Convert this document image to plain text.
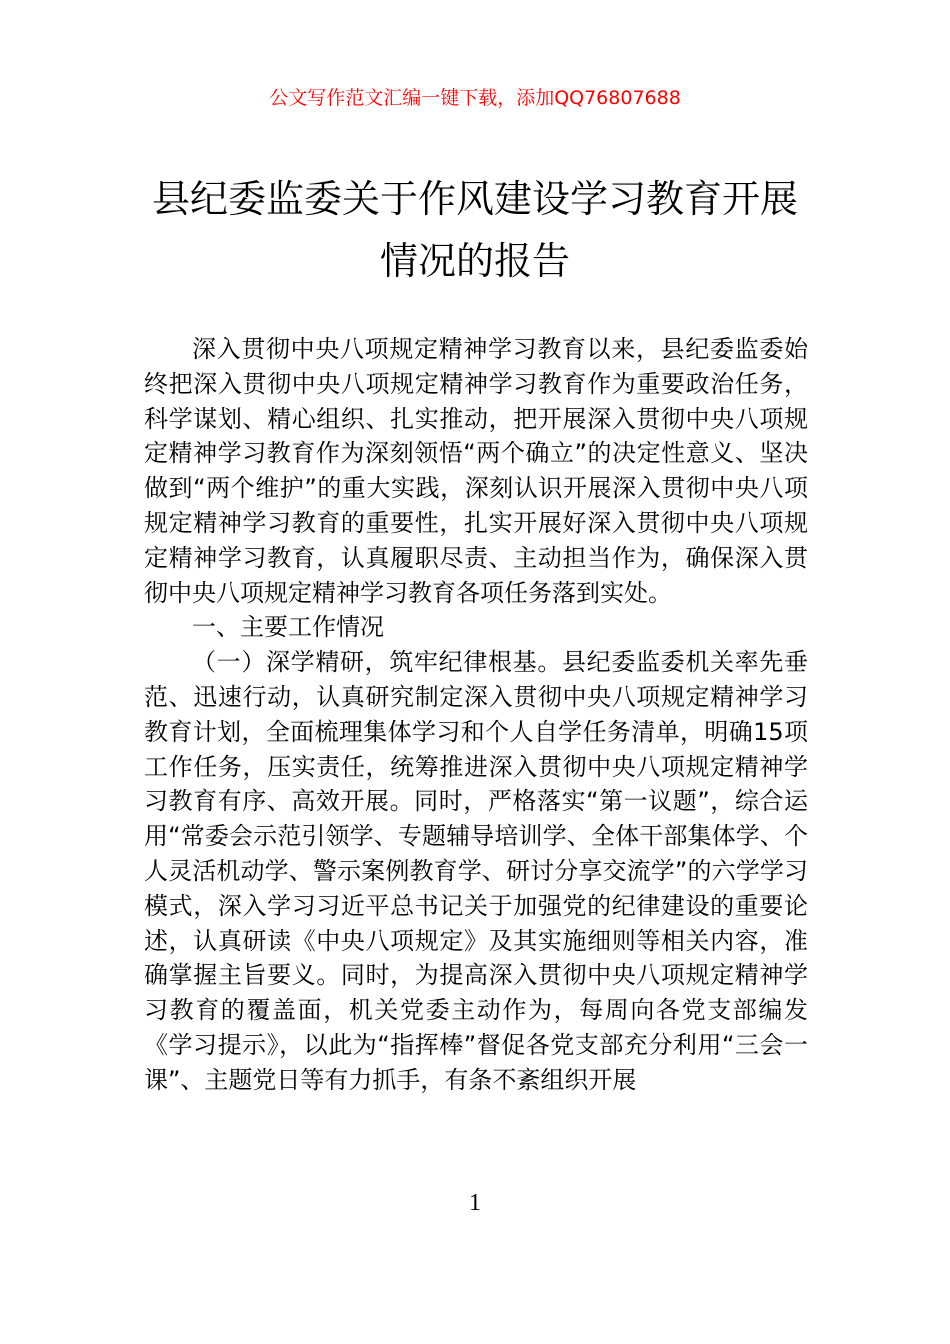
公文写作范文汇编一键下载，添加QQ76807688
县纪委监委关于作风建设学习教育开展情况的报告

深入贯彻中央八项规定精神学习教育以来，县纪委监委始终把深入贯彻中央八项规定精神学习教育作为重要政治任务，科学谋划、精心组织、扎实推动，把开展深入贯彻中央八项规定精神学习教育作为深刻领悟“两个确立”的决定性意义、坚决做到“两个维护”的重大实践，深刻认识开展深入贯彻中央八项规定精神学习教育的重要性，扎实开展好深入贯彻中央八项规定精神学习教育，认真履职尽责、主动担当作为，确保深入贯彻中央八项规定精神学习教育各项任务落到实处。

一、主要工作情况

（一）深学精研，筑牢纪律根基。县纪委监委机关率先垂范、迅速行动，认真研究制定深入贯彻中央八项规定精神学习教育计划，全面梳理集体学习和个人自学任务清单，明确15项工作任务，压实责任，统筹推进深入贯彻中央八项规定精神学习教育有序、高效开展。同时，严格落实“第一议题”，综合运用“常委会示范引领学、专题辅导培训学、全体干部集体学、个人灵活机动学、警示案例教育学、研讨分享交流学”的六学学习模式，深入学习习近平总书记关于加强党的纪律建设的重要论述，认真研读《中央八项规定》及其实施细则等相关内容，准确掌握主旨要义。同时，为提高深入贯彻中央八项规定精神学习教育的覆盖面，机关党委主动作为，每周向各党支部编发《学习提示》，以此为“指挥棒”督促各党支部充分利用“三会一课”、主题党日等有力抓手，有条不紊组织开展

1
